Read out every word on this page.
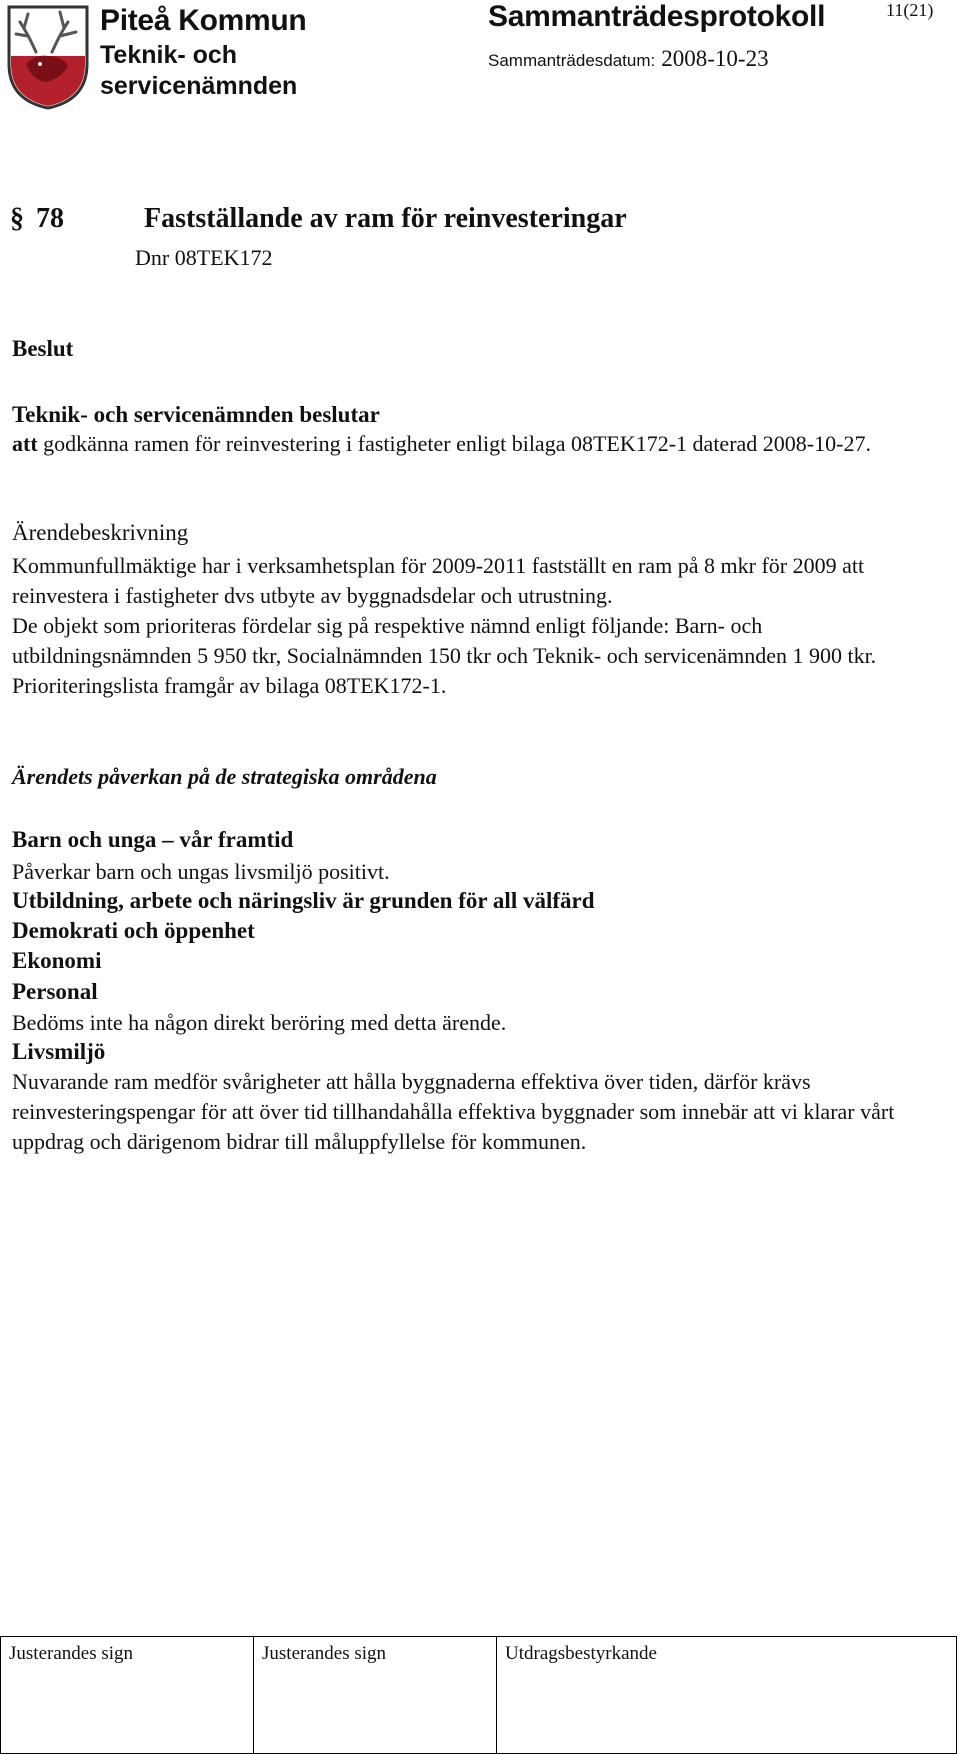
Piteå Kommun
Teknik- och servicenämnden
Sammanträdesprotokoll
Sammanträdesdatum: 2008-10-23
11(21)
§ 78	Fastställande av ram för reinvesteringar
Dnr 08TEK172
Beslut
Teknik- och servicenämnden beslutar
att godkänna ramen för reinvestering i fastigheter enligt bilaga 08TEK172-1 daterad 2008-10-27.
Ärendebeskrivning
Kommunfullmäktige har i verksamhetsplan för 2009-2011 fastställt en ram på 8 mkr för 2009 att reinvestera i fastigheter dvs utbyte av byggnadsdelar och utrustning.
De objekt som prioriteras fördelar sig på respektive nämnd enligt följande: Barn- och utbildningsnämnden 5 950 tkr, Socialnämnden 150 tkr och Teknik- och servicenämnden 1 900 tkr. Prioriteringslista framgår av bilaga 08TEK172-1.
Ärendets påverkan på de strategiska områdena
Barn och unga – vår framtid
Påverkar barn och ungas livsmiljö positivt.
Utbildning, arbete och näringsliv är grunden för all välfärd
Demokrati och öppenhet
Ekonomi
Personal
Bedöms inte ha någon direkt beröring med detta ärende.
Livsmiljö
Nuvarande ram medför svårigheter att hålla byggnaderna effektiva över tiden, därför krävs reinvesteringspengar för att över tid tillhandahålla effektiva byggnader som innebär att vi klarar vårt uppdrag och därigenom bidrar till måluppfyllelse för kommunen.
Justerandes sign	Justerandes sign	Utdragsbestyrkande
